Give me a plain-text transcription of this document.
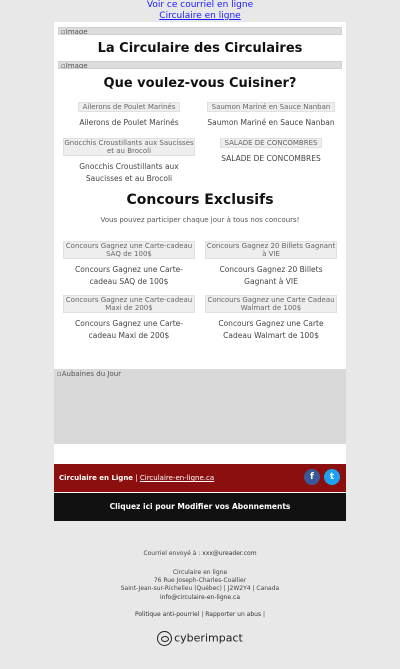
Voir ce courriel en ligne
Circulaire en ligne
▫Image
La Circulaire des Circulaires
▫Image
Que voulez-vous Cuisiner?
Ailerons de Poulet Marinés
Ailerons de Poulet Marinés
Saumon Mariné en Sauce Nanban
Saumon Mariné en Sauce Nanban
Gnocchis Croustillants aux Saucisses et au Brocoli
Gnocchis Croustillants aux Saucisses et au Brocoli
SALADE DE CONCOMBRES
SALADE DE CONCOMBRES
Concours Exclusifs
Vous pouvez participer chaque jour à tous nos concours!
Concours Gagnez une Carte-cadeau SAQ de 100$
Concours Gagnez une Carte-cadeau SAQ de 100$
Concours Gagnez 20 Billets Gagnant à VIE
Concours Gagnez 20 Billets Gagnant à VIE
Concours Gagnez une Carte-cadeau Maxi de 200$
Concours Gagnez une Carte-cadeau Maxi de 200$
Concours Gagnez une Carte Cadeau Walmart de 100$
Concours Gagnez une Carte Cadeau Walmart de 100$
▫Aubaines du Jour
Circulaire en Ligne | Circulaire-en-ligne.ca	f	t
Cliquez ici pour Modifier vos Abonnements
Courriel envoyé à : xxx@ureader.com
Circulaire en ligne
76 Rue Joseph-Charles-Coallier
Saint-Jean-sur-Richelieu (Québec) | J2W2Y4 | Canada
info@circulaire-en-ligne.ca
Politique anti-pourriel | Rapporter un abus |
cyberimpact
